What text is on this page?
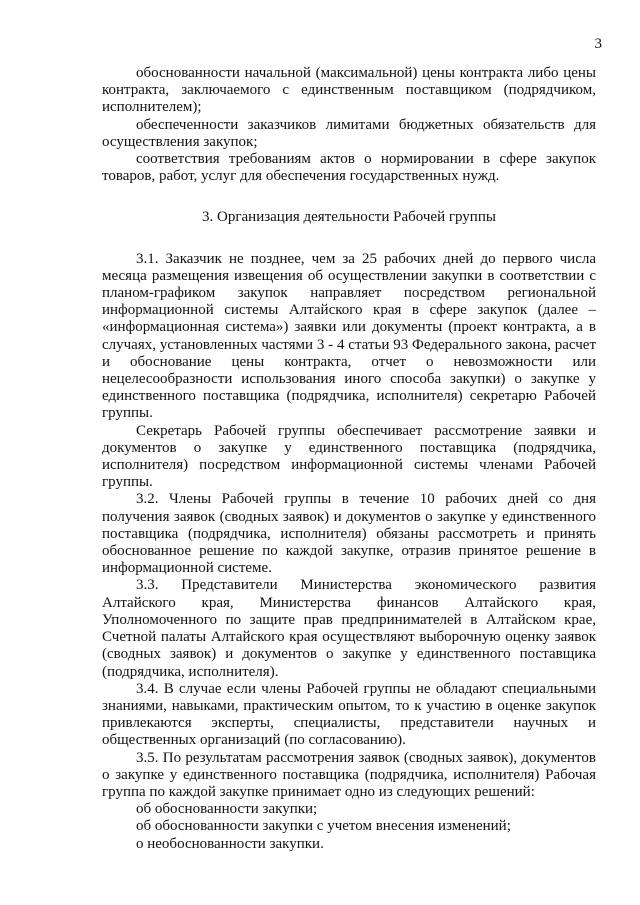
3

обоснованности начальной (максимальной) цены контракта либо цены контракта, заключаемого с единственным поставщиком (подрядчиком, исполнителем);

обеспеченности заказчиков лимитами бюджетных обязательств для осуществления закупок;

соответствия требованиям актов о нормировании в сфере закупок товаров, работ, услуг для обеспечения государственных нужд.

3. Организация деятельности Рабочей группы

3.1. Заказчик не позднее, чем за 25 рабочих дней до первого числа месяца размещения извещения об осуществлении закупки в соответствии с планом-графиком закупок направляет посредством региональной информационной системы Алтайского края в сфере закупок (далее – «информационная система») заявки или документы (проект контракта, а в случаях, установленных частями 3 - 4 статьи 93 Федерального закона, расчет и обоснование цены контракта, отчет о невозможности или нецелесообразности использования иного способа закупки) о закупке у единственного поставщика (подрядчика, исполнителя) секретарю Рабочей группы.

Секретарь Рабочей группы обеспечивает рассмотрение заявки и документов о закупке у единственного поставщика (подрядчика, исполнителя) посредством информационной системы членами Рабочей группы.

3.2. Члены Рабочей группы в течение 10 рабочих дней со дня получения заявок (сводных заявок) и документов о закупке у единственного поставщика (подрядчика, исполнителя) обязаны рассмотреть и принять обоснованное решение по каждой закупке, отразив принятое решение в информационной системе.

3.3. Представители Министерства экономического развития Алтайского края, Министерства финансов Алтайского края, Уполномоченного по защите прав предпринимателей в Алтайском крае, Счетной палаты Алтайского края осуществляют выборочную оценку заявок (сводных заявок) и документов о закупке у единственного поставщика (подрядчика, исполнителя).

3.4. В случае если члены Рабочей группы не обладают специальными знаниями, навыками, практическим опытом, то к участию в оценке закупок привлекаются эксперты, специалисты, представители научных и общественных организаций (по согласованию).

3.5. По результатам рассмотрения заявок (сводных заявок), документов о закупке у единственного поставщика (подрядчика, исполнителя) Рабочая группа по каждой закупке принимает одно из следующих решений:

об обоснованности закупки;

об обоснованности закупки с учетом внесения изменений;

о необоснованности закупки.
